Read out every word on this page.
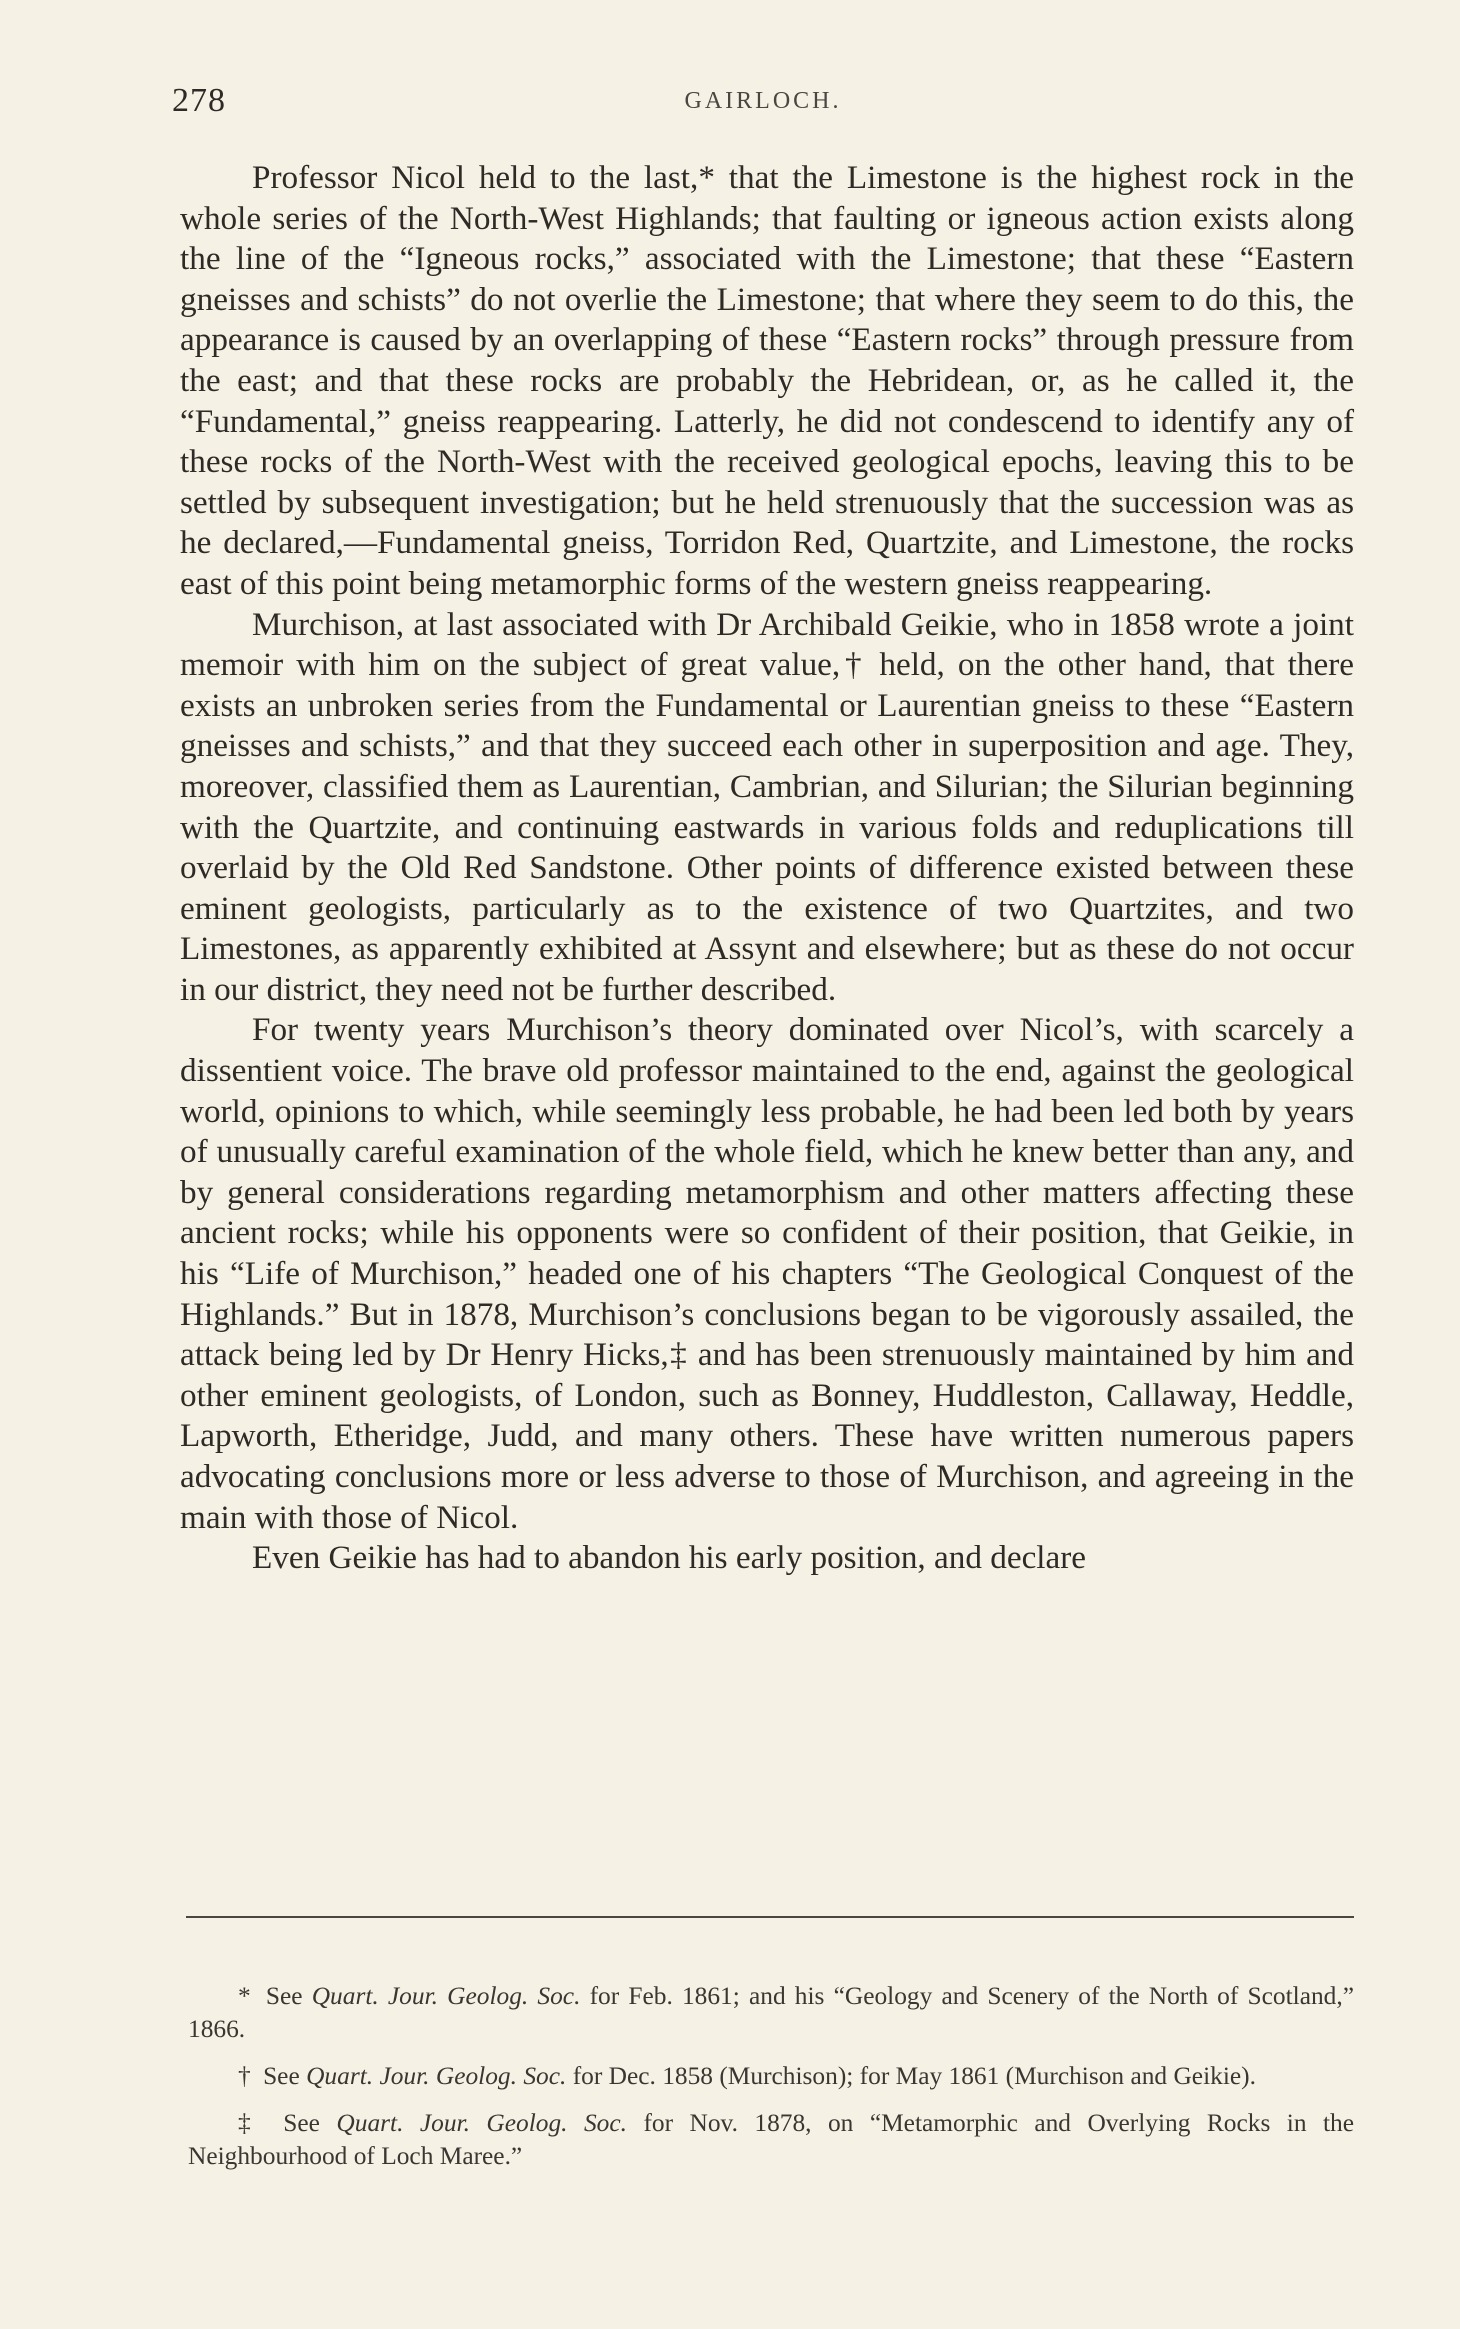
278	GAIRLOCH.

Professor Nicol held to the last,* that the Limestone is the highest rock in the whole series of the North-West Highlands; that faulting or igneous action exists along the line of the “Igneous rocks,” associated with the Limestone; that these “Eastern gneisses and schists” do not overlie the Limestone; that where they seem to do this, the appearance is caused by an overlapping of these “Eastern rocks” through pressure from the east; and that these rocks are probably the Hebridean, or, as he called it, the “Fundamental,” gneiss reappearing. Latterly, he did not condescend to identify any of these rocks of the North-West with the received geological epochs, leaving this to be settled by subsequent investigation; but he held strenuously that the succession was as he declared,—Fundamental gneiss, Torridon Red, Quartzite, and Limestone, the rocks east of this point being metamorphic forms of the western gneiss reappearing.

Murchison, at last associated with Dr Archibald Geikie, who in 1858 wrote a joint memoir with him on the subject of great value,† held, on the other hand, that there exists an unbroken series from the Fundamental or Laurentian gneiss to these “Eastern gneisses and schists,” and that they succeed each other in superposition and age. They, moreover, classified them as Laurentian, Cambrian, and Silurian; the Silurian beginning with the Quartzite, and continuing eastwards in various folds and reduplications till overlaid by the Old Red Sandstone. Other points of difference existed between these eminent geologists, particularly as to the existence of two Quartzites, and two Limestones, as apparently exhibited at Assynt and elsewhere; but as these do not occur in our district, they need not be further described.

For twenty years Murchison’s theory dominated over Nicol’s, with scarcely a dissentient voice. The brave old professor maintained to the end, against the geological world, opinions to which, while seemingly less probable, he had been led both by years of unusually careful examination of the whole field, which he knew better than any, and by general considerations regarding metamorphism and other matters affecting these ancient rocks; while his opponents were so confident of their position, that Geikie, in his “Life of Murchison,” headed one of his chapters “The Geological Conquest of the Highlands.” But in 1878, Murchison’s conclusions began to be vigorously assailed, the attack being led by Dr Henry Hicks,‡ and has been strenuously maintained by him and other eminent geologists, of London, such as Bonney, Huddleston, Callaway, Heddle, Lapworth, Etheridge, Judd, and many others. These have written numerous papers advocating conclusions more or less adverse to those of Murchison, and agreeing in the main with those of Nicol.

Even Geikie has had to abandon his early position, and declare

* See Quart. Jour. Geolog. Soc. for Feb. 1861; and his “Geology and Scenery of the North of Scotland,” 1866.

† See Quart. Jour. Geolog. Soc. for Dec. 1858 (Murchison); for May 1861 (Murchison and Geikie).

‡ See Quart. Jour. Geolog. Soc. for Nov. 1878, on “Metamorphic and Overlying Rocks in the Neighbourhood of Loch Maree.”
